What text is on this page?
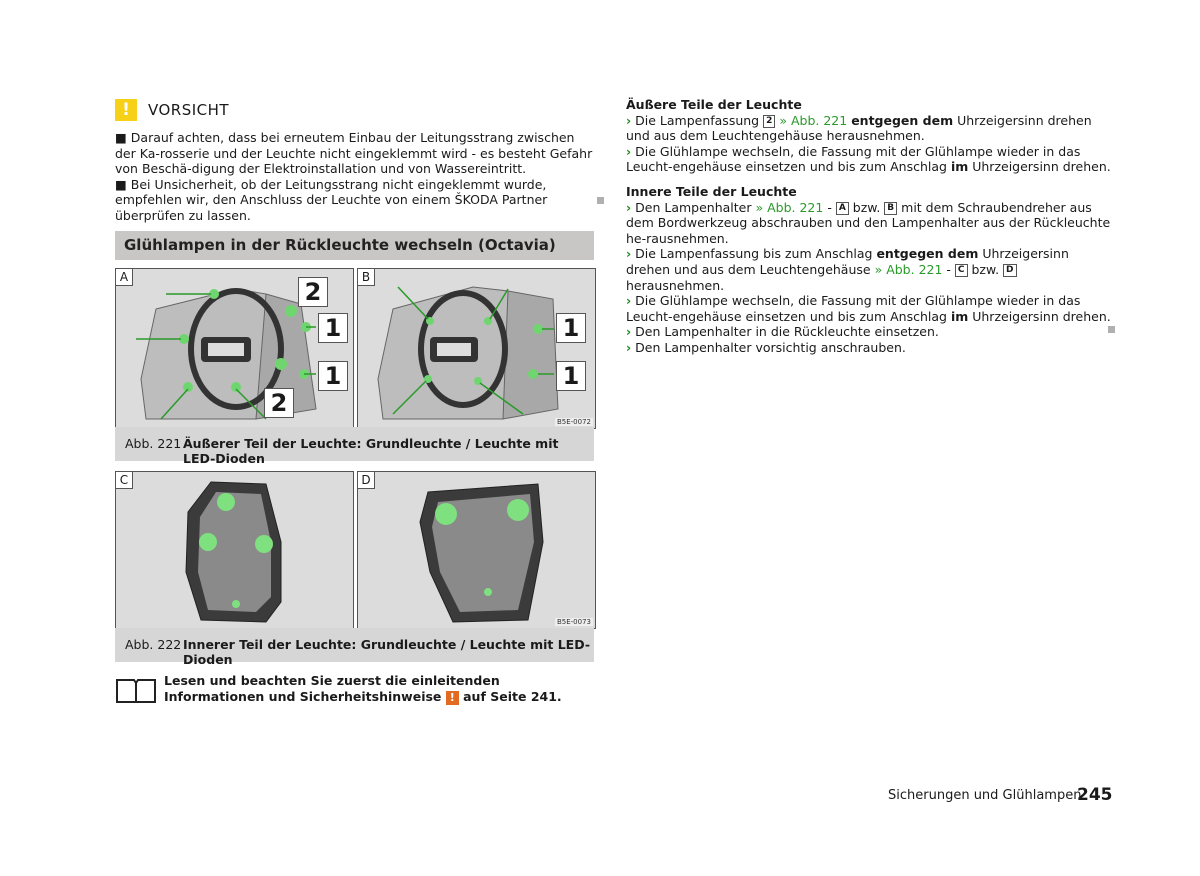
!	VORSICHT

■ Darauf achten, dass bei erneutem Einbau der Leitungsstrang zwischen der Ka-rosserie und der Leuchte nicht eingeklemmt wird - es besteht Gefahr von Beschä-digung der Elektroinstallation und von Wassereintritt.

■ Bei Unsicherheit, ob der Leitungsstrang nicht eingeklemmt wurde, empfehlen wir, den Anschluss der Leuchte von einem ŠKODA Partner überprüfen zu lassen.

Glühlampen in der Rückleuchte wechseln (Octavia)
A
2
1
1
2
B
1
1
B5E-0072
Abb. 221 Äußerer Teil der Leuchte: Grundleuchte / Leuchte mit LED-Dioden
C	D
B5E-0073
Abb. 222 Innerer Teil der Leuchte: Grundleuchte / Leuchte mit LED-Dioden
Lesen und beachten Sie zuerst die einleitenden Informationen und Sicherheitshinweise ! auf Seite 241.

Äußere Teile der Leuchte

› Die Lampenfassung 2 » Abb. 221 entgegen dem Uhrzeigersinn drehen und aus dem Leuchtengehäuse herausnehmen.

› Die Glühlampe wechseln, die Fassung mit der Glühlampe wieder in das Leucht-engehäuse einsetzen und bis zum Anschlag im Uhrzeigersinn drehen.

Innere Teile der Leuchte

› Den Lampenhalter » Abb. 221 - A bzw. B mit dem Schraubendreher aus dem Bordwerkzeug abschrauben und den Lampenhalter aus der Rückleuchte he-rausnehmen.

› Die Lampenfassung bis zum Anschlag entgegen dem Uhrzeigersinn drehen und aus dem Leuchtengehäuse » Abb. 221 - C bzw. D herausnehmen.

› Die Glühlampe wechseln, die Fassung mit der Glühlampe wieder in das Leucht-engehäuse einsetzen und bis zum Anschlag im Uhrzeigersinn drehen.

› Den Lampenhalter in die Rückleuchte einsetzen.

› Den Lampenhalter vorsichtig anschrauben.

Sicherungen und Glühlampen
245
